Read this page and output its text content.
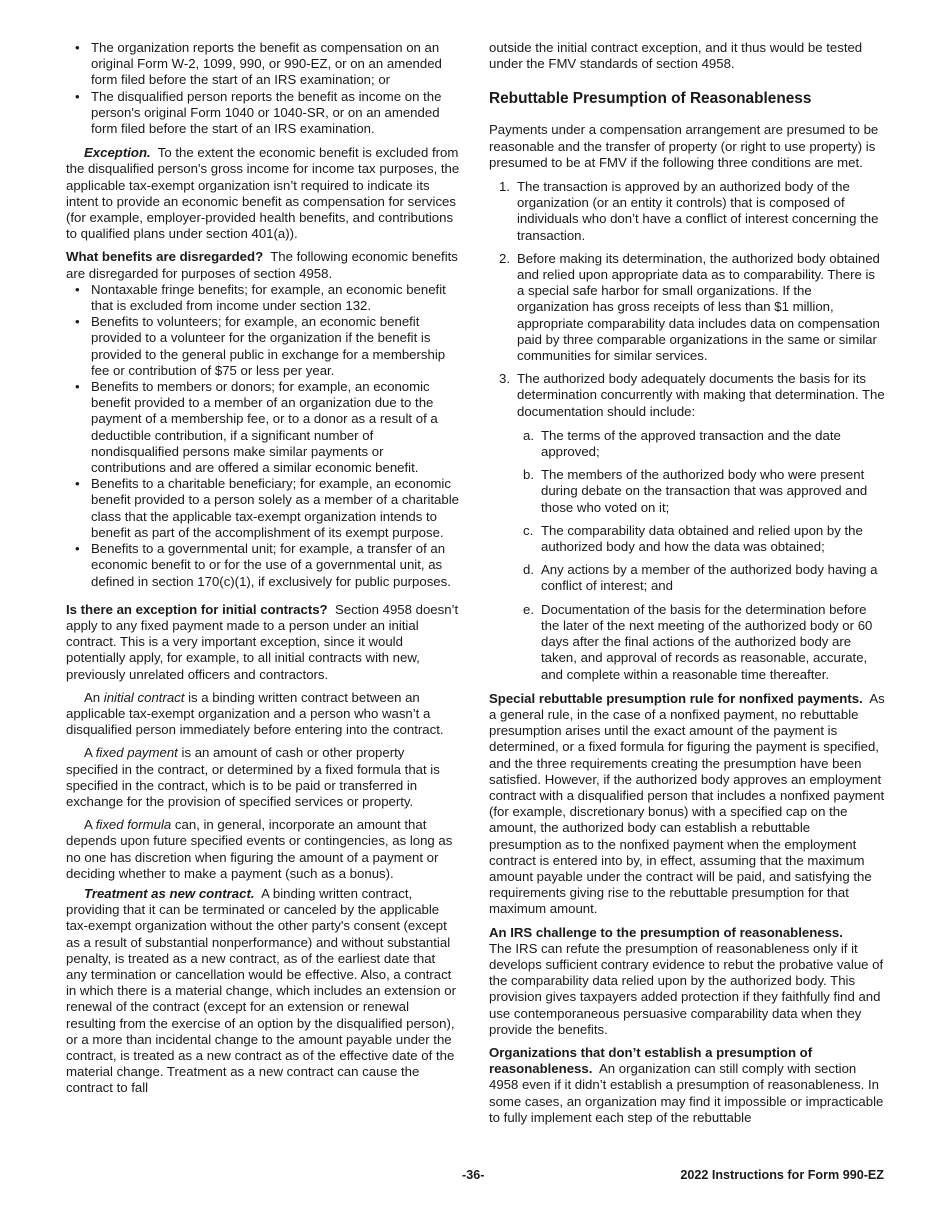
• The organization reports the benefit as compensation on an original Form W-2, 1099, 990, or 990-EZ, or on an amended form filed before the start of an IRS examination; or
• The disqualified person reports the benefit as income on the person's original Form 1040 or 1040-SR, or on an amended form filed before the start of an IRS examination.

Exception. To the extent the economic benefit is excluded from the disqualified person's gross income for income tax purposes, the applicable tax-exempt organization isn’t required to indicate its intent to provide an economic benefit as compensation for services (for example, employer-provided health benefits, and contributions to qualified plans under section 401(a)).

What benefits are disregarded? The following economic benefits are disregarded for purposes of section 4958.

• Nontaxable fringe benefits; for example, an economic benefit that is excluded from income under section 132.
• Benefits to volunteers; for example, an economic benefit provided to a volunteer for the organization if the benefit is provided to the general public in exchange for a membership fee or contribution of $75 or less per year.
• Benefits to members or donors; for example, an economic benefit provided to a member of an organization due to the payment of a membership fee, or to a donor as a result of a deductible contribution, if a significant number of nondisqualified persons make similar payments or contributions and are offered a similar economic benefit.
• Benefits to a charitable beneficiary; for example, an economic benefit provided to a person solely as a member of a charitable class that the applicable tax-exempt organization intends to benefit as part of the accomplishment of its exempt purpose.
• Benefits to a governmental unit; for example, a transfer of an economic benefit to or for the use of a governmental unit, as defined in section 170(c)(1), if exclusively for public purposes.

Is there an exception for initial contracts? Section 4958 doesn’t apply to any fixed payment made to a person under an initial contract. This is a very important exception, since it would potentially apply, for example, to all initial contracts with new, previously unrelated officers and contractors.

An initial contract is a binding written contract between an applicable tax-exempt organization and a person who wasn’t a disqualified person immediately before entering into the contract.

A fixed payment is an amount of cash or other property specified in the contract, or determined by a fixed formula that is specified in the contract, which is to be paid or transferred in exchange for the provision of specified services or property.

A fixed formula can, in general, incorporate an amount that depends upon future specified events or contingencies, as long as no one has discretion when figuring the amount of a payment or deciding whether to make a payment (such as a bonus).

Treatment as new contract. A binding written contract, providing that it can be terminated or canceled by the applicable tax-exempt organization without the other party's consent (except as a result of substantial nonperformance) and without substantial penalty, is treated as a new contract, as of the earliest date that any termination or cancellation would be effective. Also, a contract in which there is a material change, which includes an extension or renewal of the contract (except for an extension or renewal resulting from the exercise of an option by the disqualified person), or a more than incidental change to the amount payable under the contract, is treated as a new contract as of the effective date of the material change. Treatment as a new contract can cause the contract to fall

outside the initial contract exception, and it thus would be tested under the FMV standards of section 4958.

Rebuttable Presumption of Reasonableness

Payments under a compensation arrangement are presumed to be reasonable and the transfer of property (or right to use property) is presumed to be at FMV if the following three conditions are met.

1. The transaction is approved by an authorized body of the organization (or an entity it controls) that is composed of individuals who don’t have a conflict of interest concerning the transaction.
2. Before making its determination, the authorized body obtained and relied upon appropriate data as to comparability. There is a special safe harbor for small organizations. If the organization has gross receipts of less than $1 million, appropriate comparability data includes data on compensation paid by three comparable organizations in the same or similar communities for similar services.
3. The authorized body adequately documents the basis for its determination concurrently with making that determination. The documentation should include:
a. The terms of the approved transaction and the date approved;
b. The members of the authorized body who were present during debate on the transaction that was approved and those who voted on it;
c. The comparability data obtained and relied upon by the authorized body and how the data was obtained;
d. Any actions by a member of the authorized body having a conflict of interest; and
e. Documentation of the basis for the determination before the later of the next meeting of the authorized body or 60 days after the final actions of the authorized body are taken, and approval of records as reasonable, accurate, and complete within a reasonable time thereafter.

Special rebuttable presumption rule for nonfixed payments. As a general rule, in the case of a nonfixed payment, no rebuttable presumption arises until the exact amount of the payment is determined, or a fixed formula for figuring the payment is specified, and the three requirements creating the presumption have been satisfied. However, if the authorized body approves an employment contract with a disqualified person that includes a nonfixed payment (for example, discretionary bonus) with a specified cap on the amount, the authorized body can establish a rebuttable presumption as to the nonfixed payment when the employment contract is entered into by, in effect, assuming that the maximum amount payable under the contract will be paid, and satisfying the requirements giving rise to the rebuttable presumption for that maximum amount.

An IRS challenge to the presumption of reasonableness.
The IRS can refute the presumption of reasonableness only if it develops sufficient contrary evidence to rebut the probative value of the comparability data relied upon by the authorized body. This provision gives taxpayers added protection if they faithfully find and use contemporaneous persuasive comparability data when they provide the benefits.

Organizations that don’t establish a presumption of reasonableness. An organization can still comply with section 4958 even if it didn’t establish a presumption of reasonableness. In some cases, an organization may find it impossible or impracticable to fully implement each step of the rebuttable

-36-	2022 Instructions for Form 990-EZ
